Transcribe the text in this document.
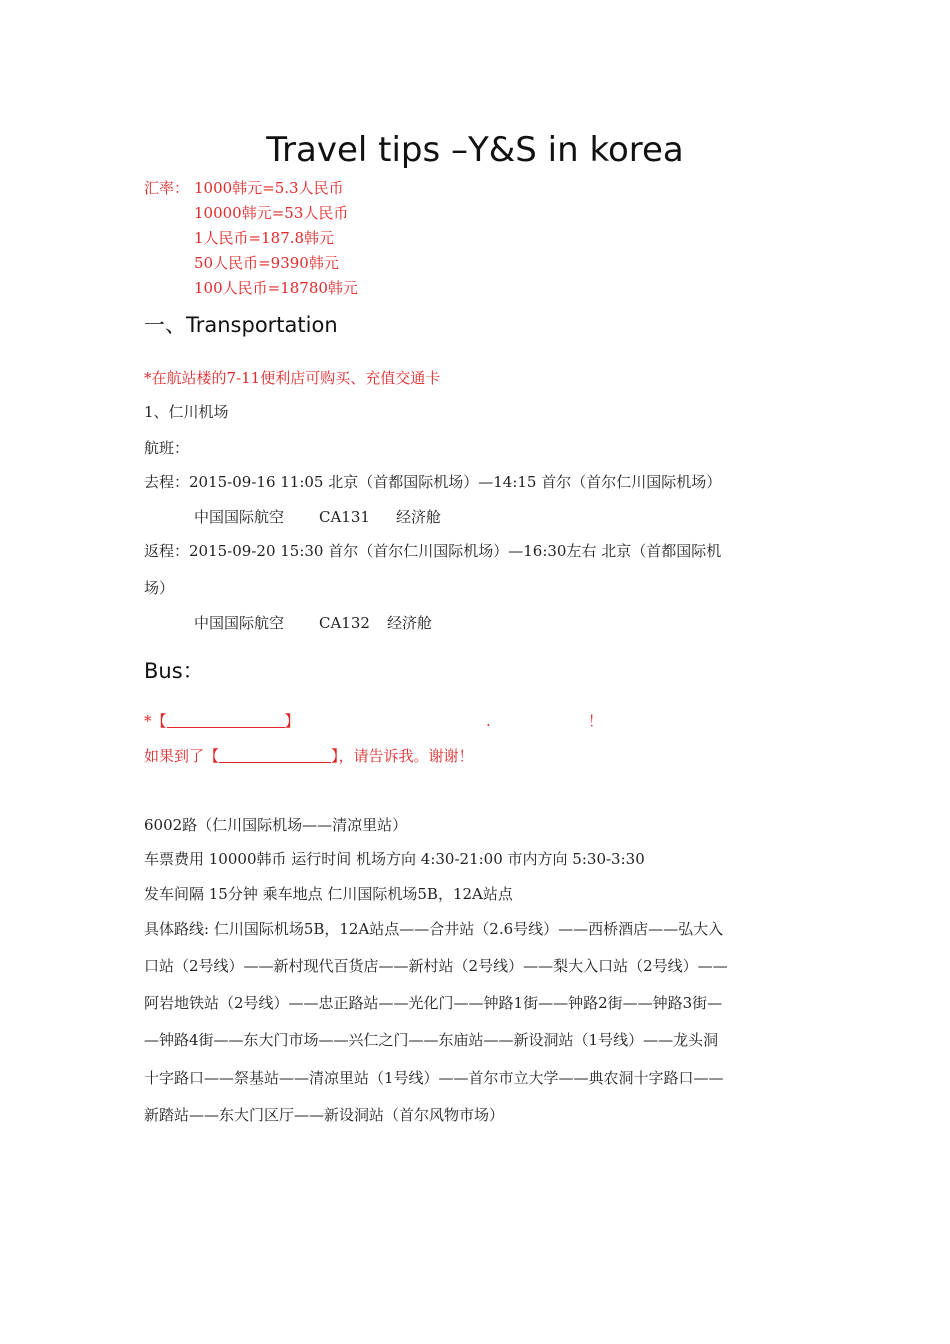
Travel tips –Y&S in korea
汇率： 1000韩元=5.3人民币
10000韩元=53人民币
1人民币=187.8韩元
50人民币=9390韩元
100人民币=18780韩元
一、Transportation
*在航站楼的7-11便利店可购买、充值交通卡
1、仁川机场
航班：
去程：2015-09-16 11:05 北京（首都国际机场）—14:15 首尔（首尔仁川国际机场）
中国国际航空 CA131 经济舱
返程：2015-09-20 15:30 首尔（首尔仁川国际机场）—16:30左右 北京（首都国际机
场）
中国国际航空 CA132 经济舱
Bus：
*【	】	.	！
如果到了【	】，请告诉我。谢谢！
6002路（仁川国际机场——清凉里站）
车票费用 10000韩币 运行时间 机场方向 4:30-21:00 市内方向 5:30-3:30
发车间隔 15分钟 乘车地点 仁川国际机场5B，12A站点
具体路线: 仁川国际机场5B，12A站点——合井站（2.6号线）——西桥酒店——弘大入
口站（2号线）——新村现代百货店——新村站（2号线）——梨大入口站（2号线）——
阿岩地铁站（2号线）——忠正路站——光化门——钟路1街——钟路2街——钟路3街—
—钟路4街——东大门市场——兴仁之门——东庙站——新设洞站（1号线）——龙头洞
十字路口——祭基站——清凉里站（1号线）——首尔市立大学——典农洞十字路口——
新踏站——东大门区厅——新设洞站（首尔风物市场）
